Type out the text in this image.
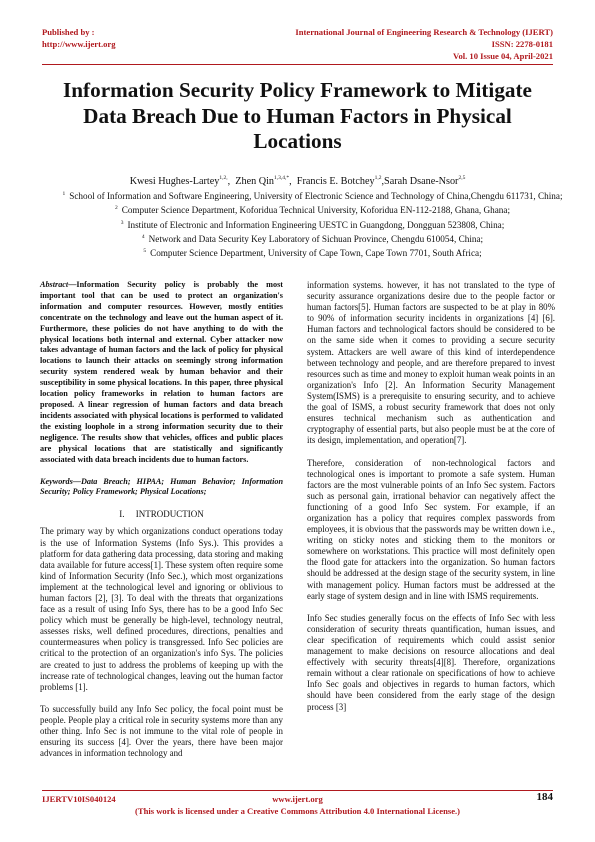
Published by :
http://www.ijert.org
International Journal of Engineering Research & Technology (IJERT)
ISSN: 2278-0181
Vol. 10 Issue 04, April-2021
Information Security Policy Framework to Mitigate Data Breach Due to Human Factors in Physical Locations
Kwesi Hughes-Lartey$^{1,2,}$,  Zhen Qin$^{1,3,4,*}$,  Francis E. Botchey$^{1,2}$,Sarah Dsane-Nsor$^{2,5}$
$^1$ School of Information and Software Engineering, University of Electronic Science and Technology of China,Chengdu 611731, China;
$^2$ Computer Science Department, Koforidua Technical University, Koforidua EN-112-2188, Ghana, Ghana;
$^3$ Institute of Electronic and Information Engineering UESTC in Guangdong, Dongguan 523808, China;
$^4$ Network and Data Security Key Laboratory of Sichuan Province, Chengdu 610054, China;
$^5$ Computer Science Department, University of Cape Town, Cape Town 7701, South Africa;

Abstract—Information Security policy is probably the most important tool that can be used to protect an organization's information and computer resources. However, mostly entities concentrate on the technology and leave out the human aspect of it. Furthermore, these policies do not have anything to do with the physical locations both internal and external. Cyber attacker now takes advantage of human factors and the lack of policy for physical locations to launch their attacks on seemingly strong information security system rendered weak by human behavior and their susceptibility in some physical locations. In this paper, three physical location policy frameworks in relation to human factors are proposed. A linear regression of human factors and data breach incidents associated with physical locations is performed to validated the existing loophole in a strong information security due to their negligence. The results show that vehicles, offices and public places are physical locations that are statistically and significantly associated with data breach incidents due to human factors.

Keywords—Data Breach; HIPAA; Human Behavior; Information Security; Policy Framework; Physical Locations;

I. INTRODUCTION

The primary way by which organizations conduct operations today is the use of Information Systems (Info Sys.). This provides a platform for data gathering data processing, data storing and making data available for future access[1]. These system often require some kind of Information Security (Info Sec.), which most organizations implement at the technological level and ignoring or oblivious to human factors [2], [3]. To deal with the threats that organizations face as a result of using Info Sys, there has to be a good Info Sec policy which must be generally be high-level, technology neutral, assesses risks, well defined procedures, directions, penalties and countermeasures when policy is transgressed. Info Sec policies are critical to the protection of an organization's info Sys. The policies are created to just to address the problems of keeping up with the increase rate of technological changes, leaving out the human factor problems [1].

To successfully build any Info Sec policy, the focal point must be people. People play a critical role in security systems more than any other thing. Info Sec is not immune to the vital role of people in ensuring its success [4]. Over the years, there have been major advances in information technology and

information systems. however, it has not translated to the type of security assurance organizations desire due to the people factor or human factors[5]. Human factors are suspected to be at play in 80% to 90% of information security incidents in organizations [4] [6]. Human factors and technological factors should be considered to be on the same side when it comes to providing a secure security system. Attackers are well aware of this kind of interdependence between technology and people, and are therefore prepared to invest resources such as time and money to exploit human weak points in an organization's Info [2]. An Information Security Management System(ISMS) is a prerequisite to ensuring security, and to achieve the goal of ISMS, a robust security framework that does not only ensures technical mechanism such as authentication and cryptography of essential parts, but also people must be at the core of its design, implementation, and operation[7].

Therefore, consideration of non-technological factors and technological ones is important to promote a safe system. Human factors are the most vulnerable points of an Info Sec system. Factors such as personal gain, irrational behavior can negatively affect the functioning of a good Info Sec system. For example, if an organization has a policy that requires complex passwords from employees, it is obvious that the passwords may be written down i.e., writing on sticky notes and sticking them to the monitors or somewhere on workstations. This practice will most definitely open the flood gate for attackers into the organization. So human factors should be addressed at the design stage of the security system, in line with management policy. Human factors must be addressed at the early stage of system design and in line with ISMS requirements.

Info Sec studies generally focus on the effects of Info Sec with less consideration of security threats quantification, human issues, and clear specification of requirements which could assist senior management to make decisions on resource allocations and deal effectively with security threats[4][8]. Therefore, organizations remain without a clear rationale on specifications of how to achieve Info Sec goals and objectives in regards to human factors, which should have been considered from the early stage of the design process [3]

IJERTV10IS040124	www.ijert.org	184
(This work is licensed under a Creative Commons Attribution 4.0 International License.)
